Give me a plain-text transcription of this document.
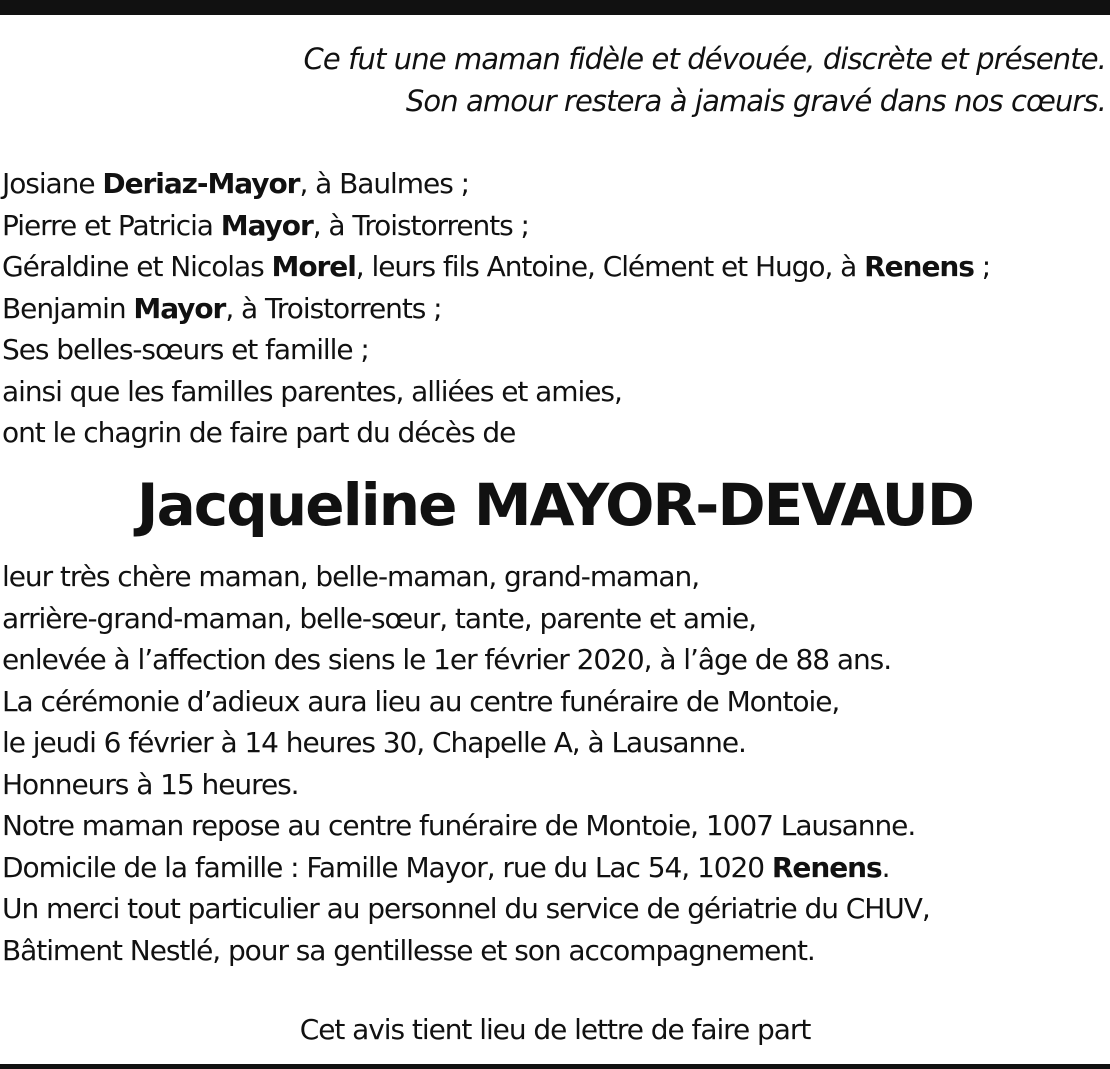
Ce fut une maman fidèle et dévouée, discrète et présente.
Son amour restera à jamais gravé dans nos cœurs.
Josiane Deriaz-Mayor, à Baulmes ;
Pierre et Patricia Mayor, à Troistorrents ;
Géraldine et Nicolas Morel, leurs fils Antoine, Clément et Hugo, à Renens ;
Benjamin Mayor, à Troistorrents ;
Ses belles-sœurs et famille ;
ainsi que les familles parentes, alliées et amies,
ont le chagrin de faire part du décès de
Jacqueline MAYOR-DEVAUD
leur très chère maman, belle-maman, grand-maman,
arrière-grand-maman, belle-sœur, tante, parente et amie,
enlevée à l’affection des siens le 1er février 2020, à l’âge de 88 ans.
La cérémonie d’adieux aura lieu au centre funéraire de Montoie,
le jeudi 6 février à 14 heures 30, Chapelle A, à Lausanne.
Honneurs à 15 heures.
Notre maman repose au centre funéraire de Montoie, 1007 Lausanne.
Domicile de la famille : Famille Mayor, rue du Lac 54, 1020 Renens.
Un merci tout particulier au personnel du service de gériatrie du CHUV,
Bâtiment Nestlé, pour sa gentillesse et son accompagnement.
Cet avis tient lieu de lettre de faire part
